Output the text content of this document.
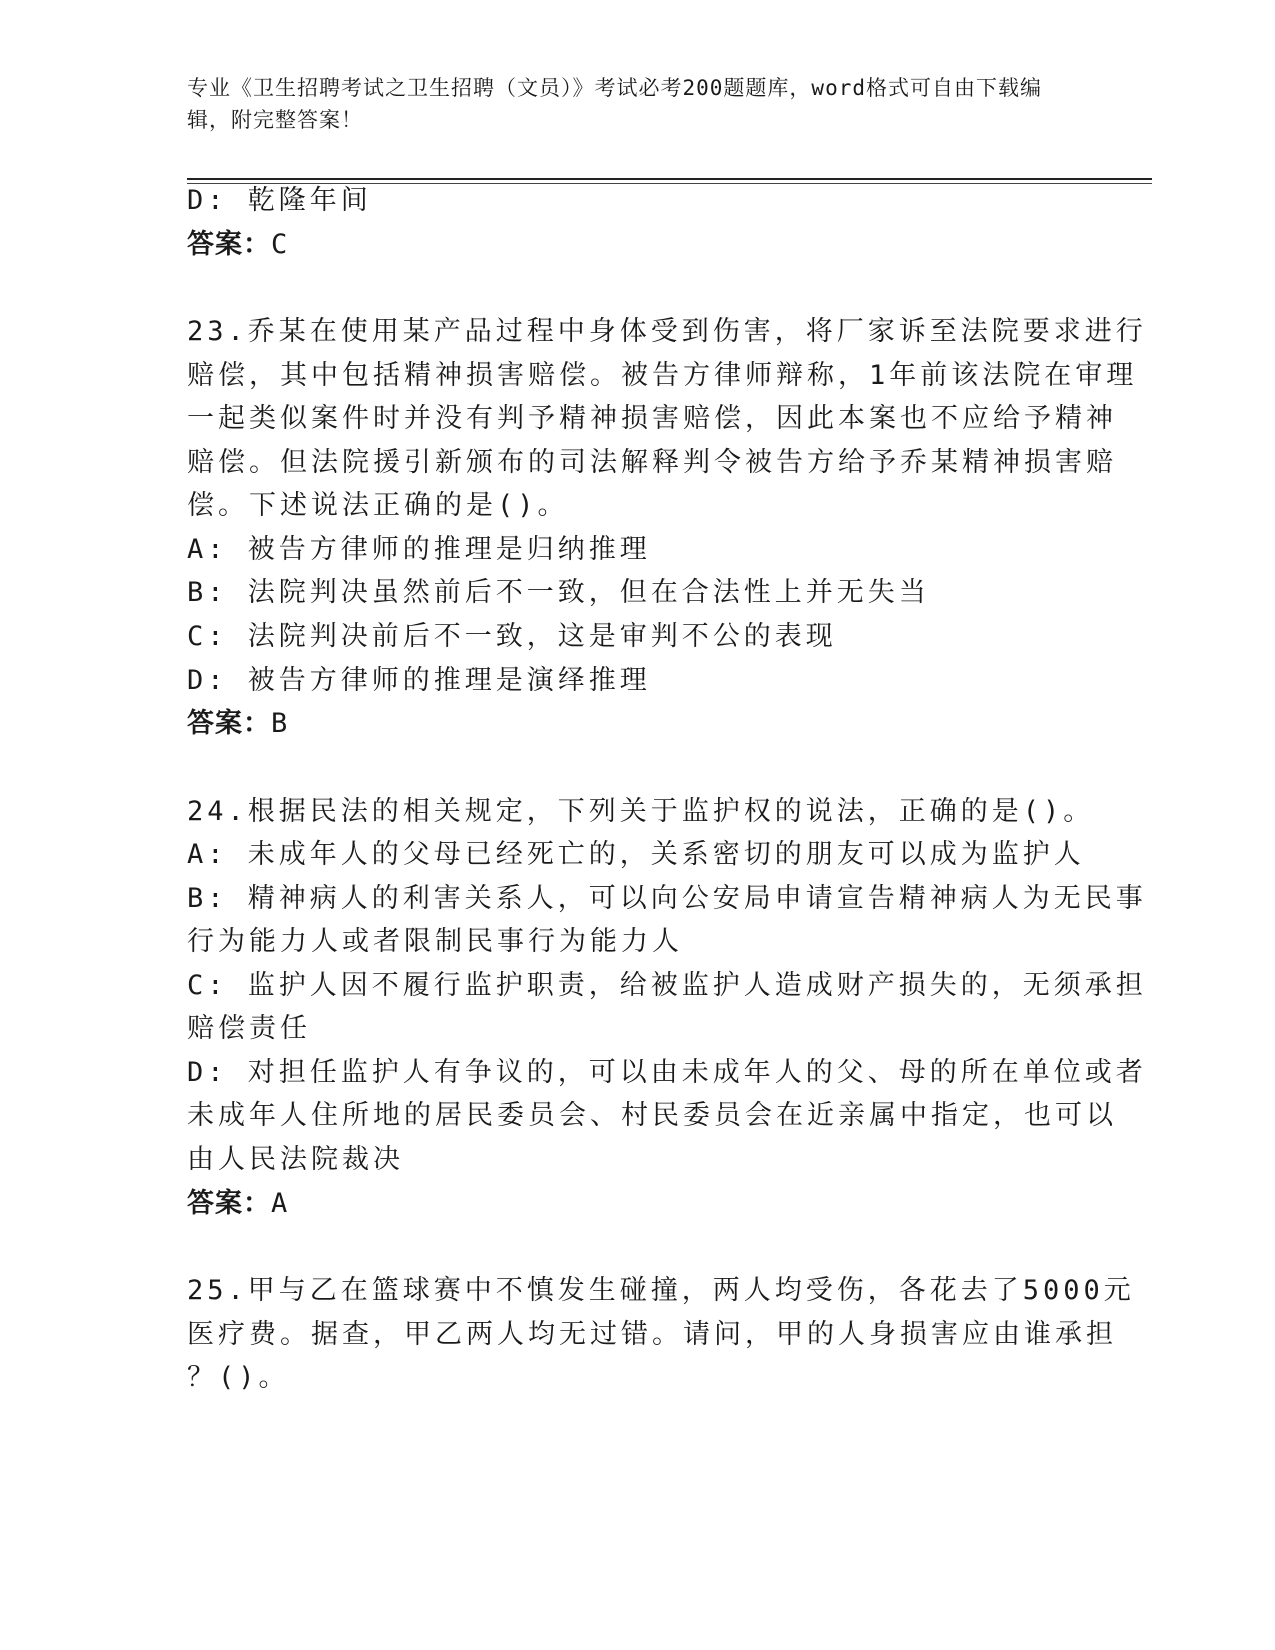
专业《卫生招聘考试之卫生招聘（文员）》考试必考200题题库，word格式可自由下载编辑，附完整答案！
D: 乾隆年间
答案：C
23.乔某在使用某产品过程中身体受到伤害，将厂家诉至法院要求进行
赔偿，其中包括精神损害赔偿。被告方律师辩称，1年前该法院在审理
一起类似案件时并没有判予精神损害赔偿，因此本案也不应给予精神
赔偿。但法院援引新颁布的司法解释判令被告方给予乔某精神损害赔
偿。下述说法正确的是()。
A: 被告方律师的推理是归纳推理
B: 法院判决虽然前后不一致，但在合法性上并无失当
C: 法院判决前后不一致，这是审判不公的表现
D: 被告方律师的推理是演绎推理
答案：B
24.根据民法的相关规定，下列关于监护权的说法，正确的是()。
A: 未成年人的父母已经死亡的，关系密切的朋友可以成为监护人
B: 精神病人的利害关系人，可以向公安局申请宣告精神病人为无民事
行为能力人或者限制民事行为能力人
C: 监护人因不履行监护职责，给被监护人造成财产损失的，无须承担
赔偿责任
D: 对担任监护人有争议的，可以由未成年人的父、母的所在单位或者
未成年人住所地的居民委员会、村民委员会在近亲属中指定，也可以
由人民法院裁决
答案：A
25.甲与乙在篮球赛中不慎发生碰撞，两人均受伤，各花去了5000元
医疗费。据查，甲乙两人均无过错。请问，甲的人身损害应由谁承担
？()。
